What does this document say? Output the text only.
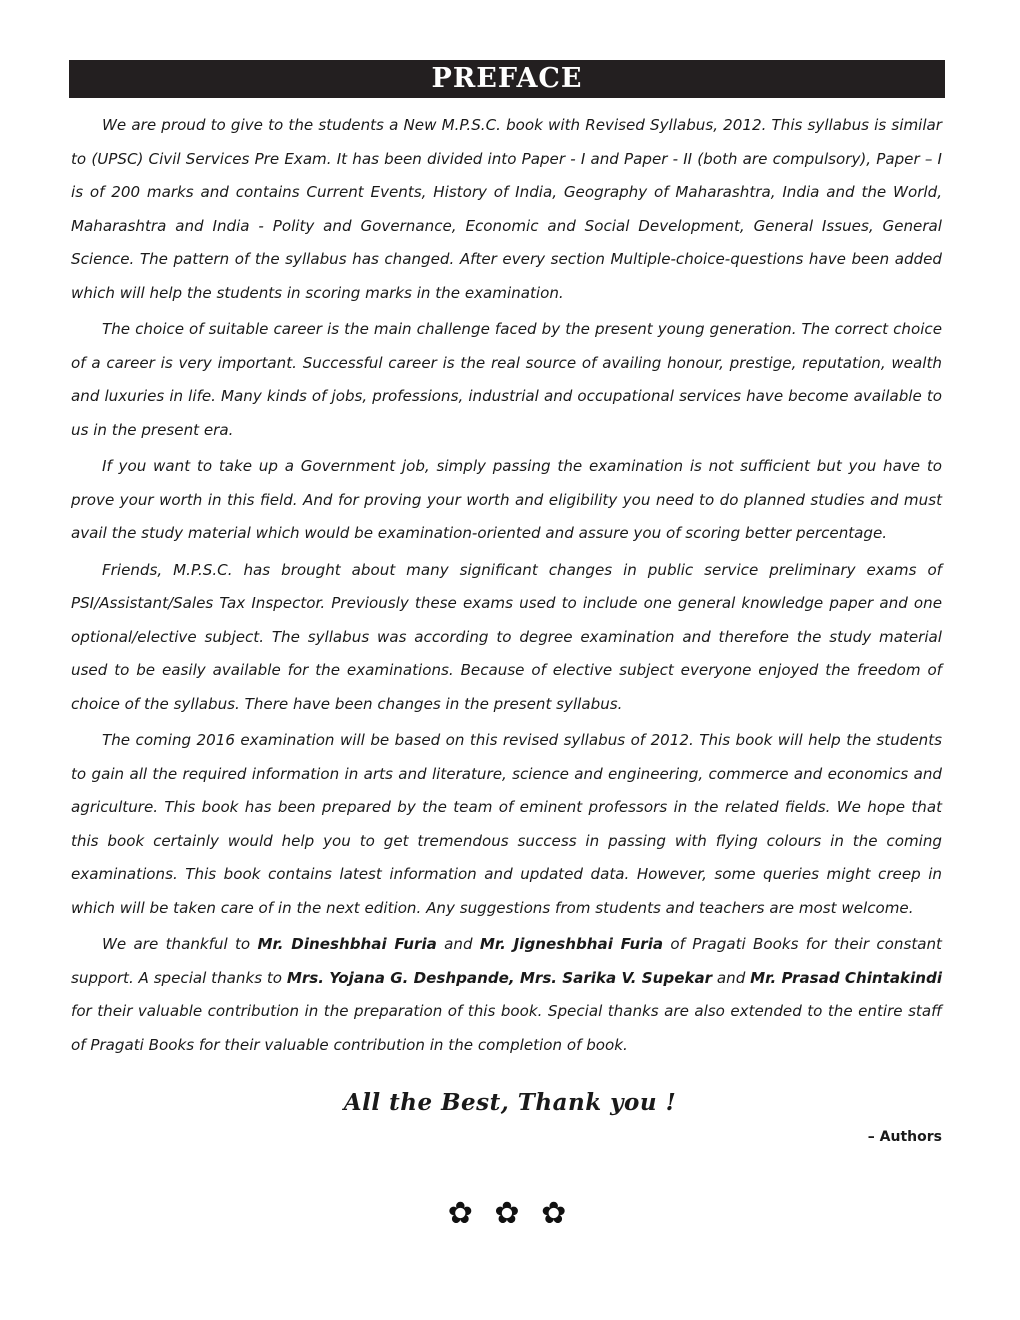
PREFACE

We are proud to give to the students a New M.P.S.C. book with Revised Syllabus, 2012. This syllabus is similar to (UPSC) Civil Services Pre Exam. It has been divided into Paper - I and Paper - II (both are compulsory), Paper – I is of 200 marks and contains Current Events, History of India, Geography of Maharashtra, India and the World, Maharashtra and India - Polity and Governance, Economic and Social Development, General Issues, General Science. The pattern of the syllabus has changed. After every section Multiple-choice-questions have been added which will help the students in scoring marks in the examination.

The choice of suitable career is the main challenge faced by the present young generation. The correct choice of a career is very important. Successful career is the real source of availing honour, prestige, reputation, wealth and luxuries in life. Many kinds of jobs, professions, industrial and occupational services have become available to us in the present era.

If you want to take up a Government job, simply passing the examination is not sufficient but you have to prove your worth in this field. And for proving your worth and eligibility you need to do planned studies and must avail the study material which would be examination-oriented and assure you of scoring better percentage.

Friends, M.P.S.C. has brought about many significant changes in public service preliminary exams of PSI/Assistant/Sales Tax Inspector. Previously these exams used to include one general knowledge paper and one optional/elective subject. The syllabus was according to degree examination and therefore the study material used to be easily available for the examinations. Because of elective subject everyone enjoyed the freedom of choice of the syllabus. There have been changes in the present syllabus.

The coming 2016 examination will be based on this revised syllabus of 2012. This book will help the students to gain all the required information in arts and literature, science and engineering, commerce and economics and agriculture. This book has been prepared by the team of eminent professors in the related fields. We hope that this book certainly would help you to get tremendous success in passing with flying colours in the coming examinations. This book contains latest information and updated data. However, some queries might creep in which will be taken care of in the next edition. Any suggestions from students and teachers are most welcome.

We are thankful to Mr. Dineshbhai Furia and Mr. Jigneshbhai Furia of Pragati Books for their constant support. A special thanks to Mrs. Yojana G. Deshpande, Mrs. Sarika V. Supekar and Mr. Prasad Chintakindi for their valuable contribution in the preparation of this book. Special thanks are also extended to the entire staff of Pragati Books for their valuable contribution in the completion of book.

All the Best, Thank you !
– Authors
✿ ✿ ✿
